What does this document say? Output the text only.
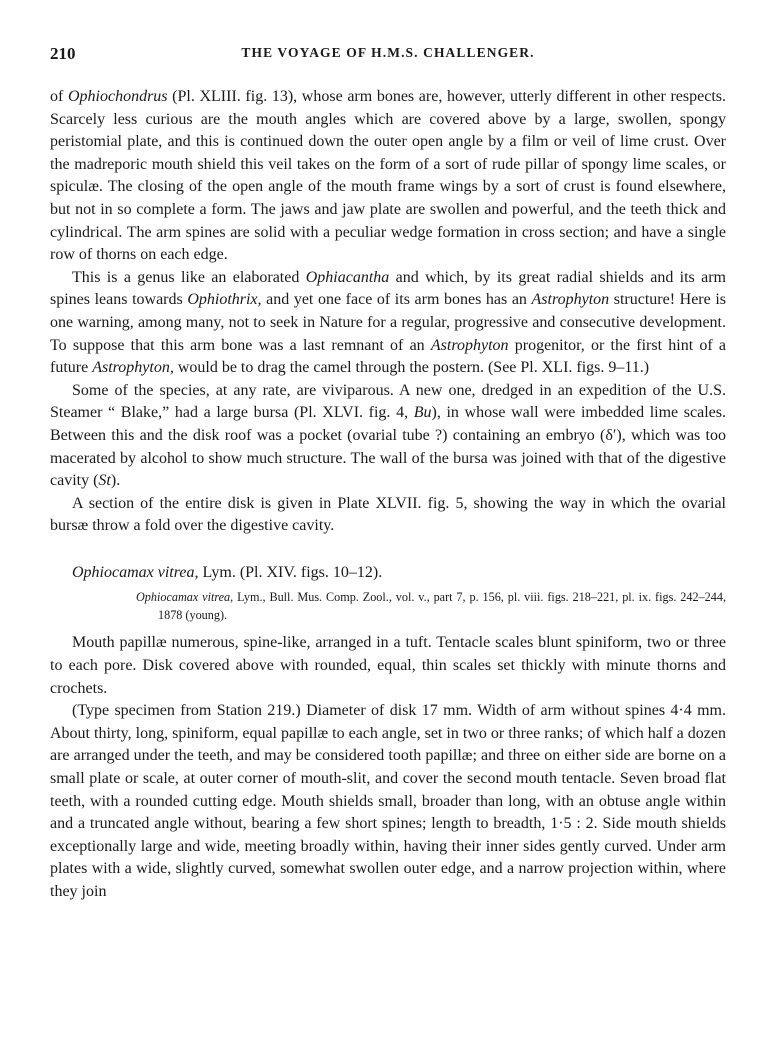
210	THE VOYAGE OF H.M.S. CHALLENGER.

of Ophiochondrus (Pl. XLIII. fig. 13), whose arm bones are, however, utterly different in other respects. Scarcely less curious are the mouth angles which are covered above by a large, swollen, spongy peristomial plate, and this is continued down the outer open angle by a film or veil of lime crust. Over the madreporic mouth shield this veil takes on the form of a sort of rude pillar of spongy lime scales, or spiculæ. The closing of the open angle of the mouth frame wings by a sort of crust is found elsewhere, but not in so complete a form. The jaws and jaw plate are swollen and powerful, and the teeth thick and cylindrical. The arm spines are solid with a peculiar wedge formation in cross section; and have a single row of thorns on each edge.

This is a genus like an elaborated Ophiacantha and which, by its great radial shields and its arm spines leans towards Ophiothrix, and yet one face of its arm bones has an Astrophyton structure! Here is one warning, among many, not to seek in Nature for a regular, progressive and consecutive development. To suppose that this arm bone was a last remnant of an Astrophyton progenitor, or the first hint of a future Astrophyton, would be to drag the camel through the postern. (See Pl. XLI. figs. 9–11.)

Some of the species, at any rate, are viviparous. A new one, dredged in an expedition of the U.S. Steamer “ Blake,” had a large bursa (Pl. XLVI. fig. 4, Bu), in whose wall were imbedded lime scales. Between this and the disk roof was a pocket (ovarial tube ?) containing an embryo (δ′), which was too macerated by alcohol to show much structure. The wall of the bursa was joined with that of the digestive cavity (St).

A section of the entire disk is given in Plate XLVII. fig. 5, showing the way in which the ovarial bursæ throw a fold over the digestive cavity.

Ophiocamax vitrea, Lym. (Pl. XIV. figs. 10–12).
Ophiocamax vitrea, Lym., Bull. Mus. Comp. Zool., vol. v., part 7, p. 156, pl. viii. figs. 218–221, pl. ix. figs. 242–244, 1878 (young).

Mouth papillæ numerous, spine-like, arranged in a tuft. Tentacle scales blunt spiniform, two or three to each pore. Disk covered above with rounded, equal, thin scales set thickly with minute thorns and crochets.

(Type specimen from Station 219.) Diameter of disk 17 mm. Width of arm without spines 4·4 mm. About thirty, long, spiniform, equal papillæ to each angle, set in two or three ranks; of which half a dozen are arranged under the teeth, and may be considered tooth papillæ; and three on either side are borne on a small plate or scale, at outer corner of mouth-slit, and cover the second mouth tentacle. Seven broad flat teeth, with a rounded cutting edge. Mouth shields small, broader than long, with an obtuse angle within and a truncated angle without, bearing a few short spines; length to breadth, 1·5 : 2. Side mouth shields exceptionally large and wide, meeting broadly within, having their inner sides gently curved. Under arm plates with a wide, slightly curved, somewhat swollen outer edge, and a narrow projection within, where they join
